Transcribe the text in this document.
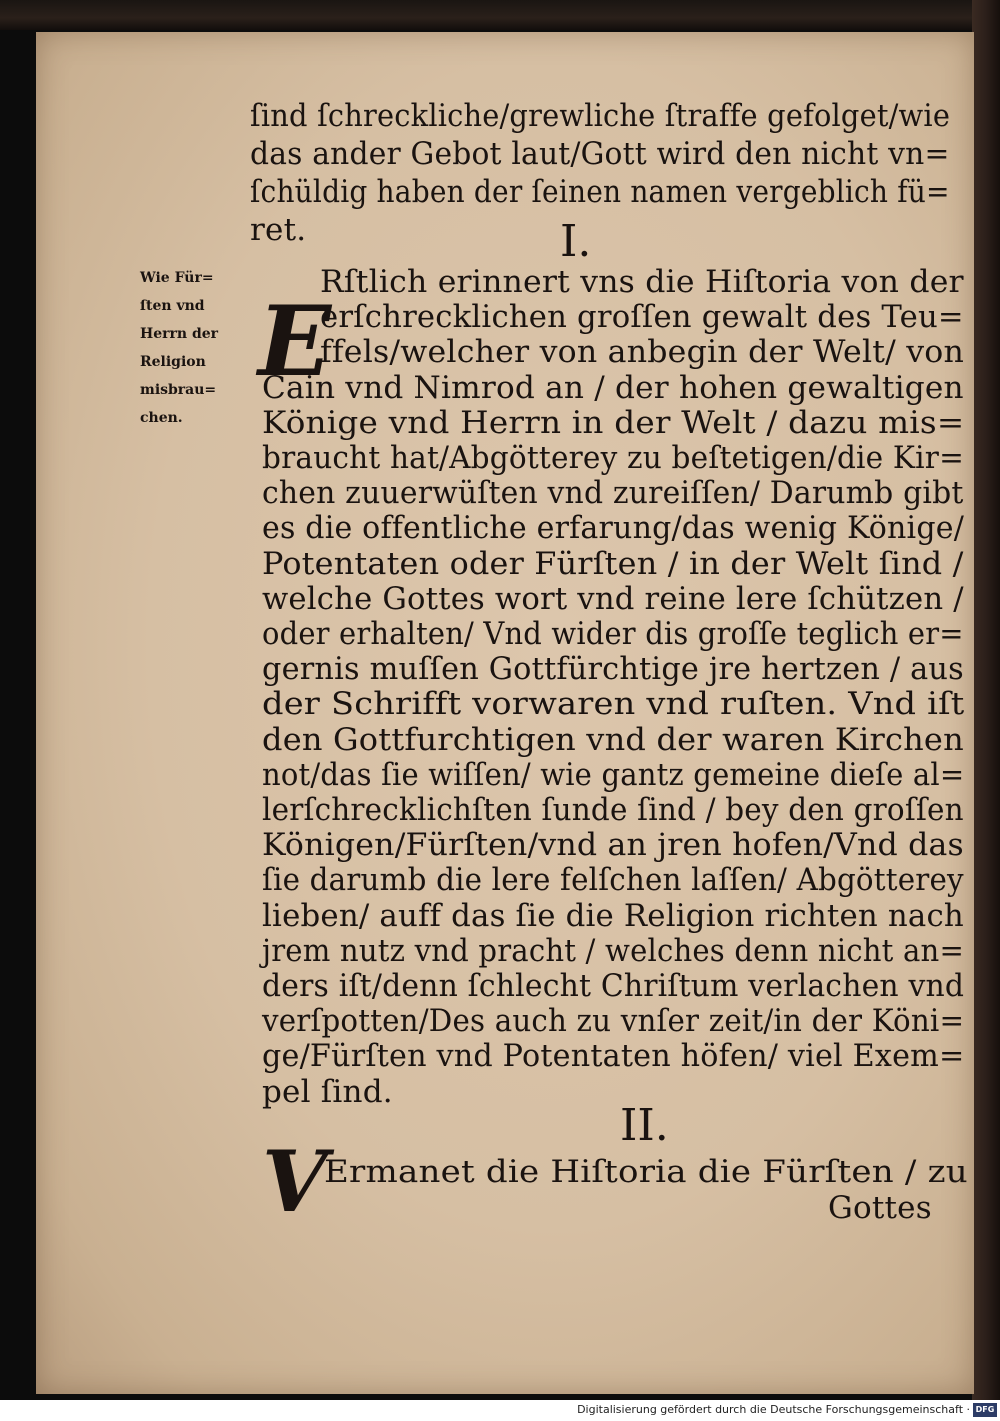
ſind ſchreckliche/grewliche ſtraffe gefolget/wie
das ander Gebot laut/Gott wird den nicht vn=
ſchüldig haben der ſeinen namen vergeblich fü=
ret.	I.
Wie Für=
ſten vnd
Herrn der
Religion
misbrau=
chen.
E
Rſtlich erinnert vns die Hiſtoria von der
erſchrecklichen groſſen gewalt des Teu=
ffels/welcher von anbegin der Welt/ von
Cain vnd Nimrod an / der hohen gewaltigen
Könige vnd Herrn in der Welt / dazu mis=
braucht hat/Abgötterey zu beſtetigen/die Kir=
chen zuuerwüſten vnd zureiſſen/ Darumb gibt
es die offentliche erfarung/das wenig Könige/
Potentaten oder Fürſten / in der Welt ſind /
welche Gottes wort vnd reine lere ſchützen /
oder erhalten/ Vnd wider dis groſſe teglich er=
gernis muſſen Gottfürchtige jre hertzen / aus
der Schrifft vorwaren vnd ruſten. Vnd iſt
den Gottfurchtigen vnd der waren Kirchen
not/das ſie wiſſen/ wie gantz gemeine dieſe al=
lerſchrecklichſten ſunde ſind / bey den groſſen
Königen/Fürſten/vnd an jren hofen/Vnd das
ſie darumb die lere felſchen laſſen/ Abgötterey
lieben/ auff das ſie die Religion richten nach
jrem nutz vnd pracht / welches denn nicht an=
ders iſt/denn ſchlecht Chriſtum verlachen vnd
verſpotten/Des auch zu vnſer zeit/in der Köni=
ge/Fürſten vnd Potentaten höfen/ viel Exem=
pel ſind.
II.
V
Ermanet die Hiſtoria die Fürſten / zu
Gottes
Digitalisierung gefördert durch die Deutsche Forschungsgemeinschaft · DFG
